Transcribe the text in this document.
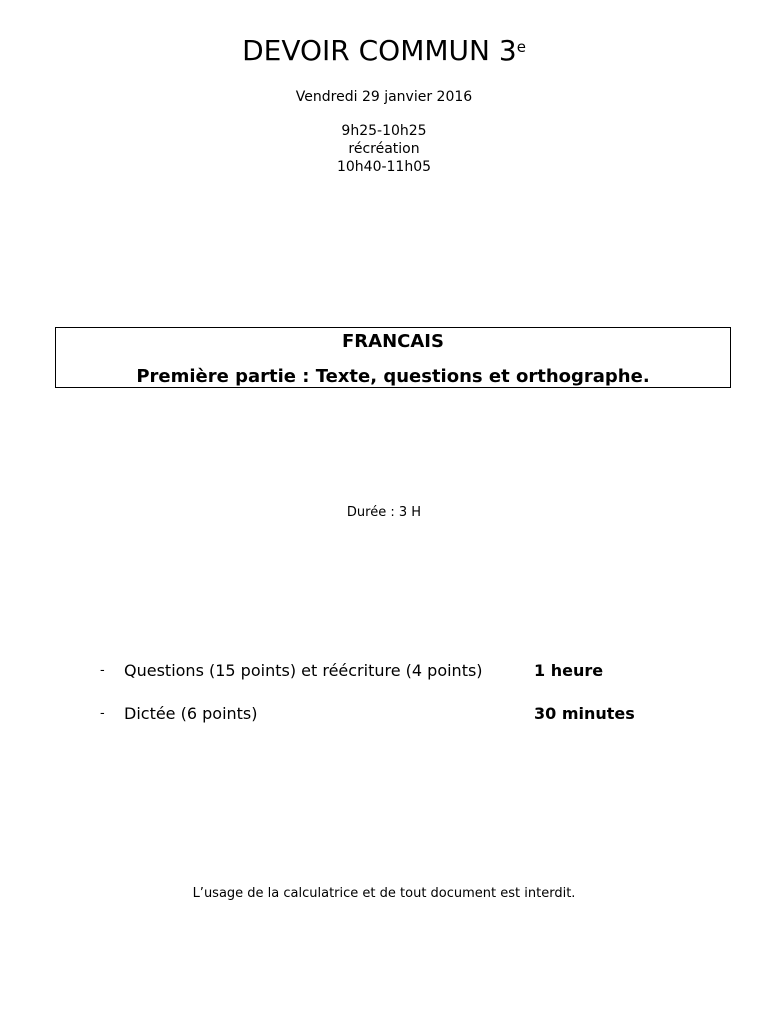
DEVOIR COMMUN 3e
Vendredi 29 janvier 2016
9h25-10h25
récréation
10h40-11h05
FRANCAIS
Première partie : Texte, questions et orthographe.
Durée : 3 H
- Questions (15 points) et réécriture (4 points)	1 heure
- Dictée (6 points)	30 minutes
L’usage de la calculatrice et de tout document est interdit.
